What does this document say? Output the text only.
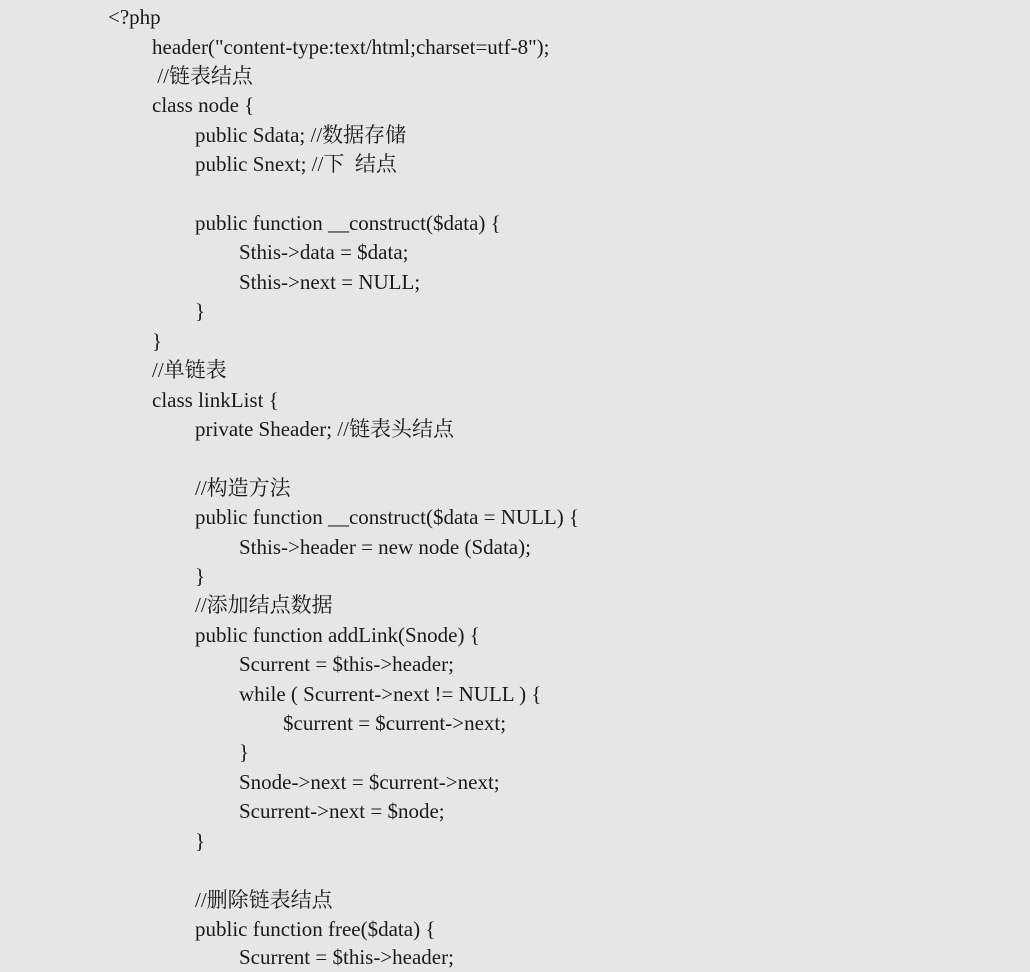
<?php
header("content-type:text/html;charset=utf-8");
//链表结点
class node {
public Sdata; //数据存储
public Snext; //下  结点
public function __construct($data) {
Sthis->data = $data;
Sthis->next = NULL;
}
}
//单链表
class linkList {
private Sheader; //链表头结点
//构造方法
public function __construct($data = NULL) {
Sthis->header = new node (Sdata);
}
//添加结点数据
public function addLink(Snode) {
Scurrent = $this->header;
while ( Scurrent->next != NULL ) {
$current = $current->next;
}
Snode->next = $current->next;
Scurrent->next = $node;
}
//删除链表结点
public function free($data) {
Scurrent = $this->header;
